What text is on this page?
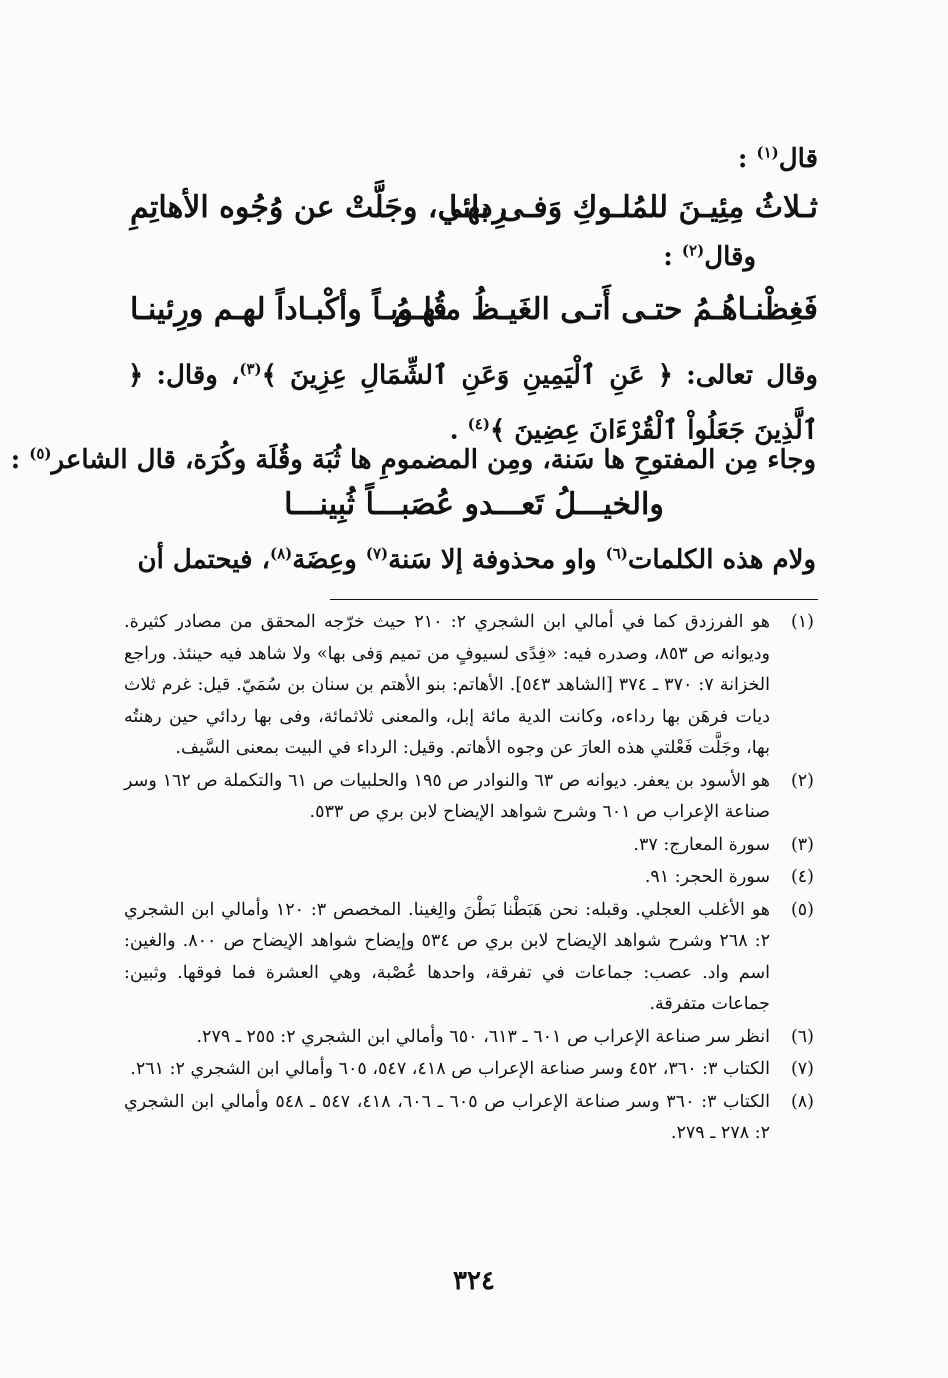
قال$^{(١)}$ :
ثـلاثُ مِئِيـنَ للمُلـوكِ وَفـى بهـا
رِدائي، وجَلَّتْ عن وُجُوه الأهاتِمِ
وقال$^{(٢)}$ :
فَغِظْنـاهُـمُ حتـى أَتـى الغَيـظُ منهـمُ
قُلـوبـاً وأكْبـاداً لهـم ورِئينـا
وقال تعالى: ﴿ عَنِ ٱلْيَمِينِ وَعَنِ ٱلشِّمَالِ عِزِينَ ﴾$^{(٣)}$، وقال: ﴿ ٱلَّذِينَ جَعَلُواْ ٱلْقُرْءَانَ عِضِينَ ﴾$^{(٤)}$ .
وجاء مِن المفتوحِ ها سَنة، ومِن المضمومِ ها ثُبَة وقُلَة وكُرَة، قال الشاعر$^{(٥)}$ :
والخيـــلُ تَعـــدو عُصَبـــاً ثُبِينـــا
ولام هذه الكلمات$^{(٦)}$ واو محذوفة إلا سَنة$^{(٧)}$ وعِضَة$^{(٨)}$، فيحتمل أن
(١)
هو الفرزدق كما في أمالي ابن الشجري ٢: ٢١٠ حيث خرّجه المحقق من مصادر كثيرة. وديوانه ص ٨٥٣، وصدره فيه: «فِدًى لسيوفٍ من تميم وَفى بها» ولا شاهد فيه حينئذ. وراجع الخزانة ٧: ٣٧٠ ـ ٣٧٤ [الشاهد ٥٤٣]. الأهاتم: بنو الأهتم بن سنان بن سُمَيّ. قيل: غرم ثلاث ديات فرهَن بها رداءه، وكانت الدية مائة إبل، والمعنى ثلاثمائة، وفى بها ردائي حين رهنتُه بها، وجَلَّت فَعْلتي هذه العارَ عن وجوه الأهاتم. وقيل: الرداء في البيت بمعنى السَّيف.
(٢)
هو الأسود بن يعفر. ديوانه ص ٦٣ والنوادر ص ١٩٥ والحلبيات ص ٦١ والتكملة ص ١٦٢ وسر صناعة الإعراب ص ٦٠١ وشرح شواهد الإيضاح لابن بري ص ٥٣٣.
(٣)
سورة المعارج: ٣٧.
(٤)
سورة الحجر: ٩١.
(٥)
هو الأغلب العجلي. وقبله: نحن هَبَطْنا بَطْنَ والِغينا. المخصص ٣: ١٢٠ وأمالي ابن الشجري ٢: ٢٦٨ وشرح شواهد الإيضاح لابن بري ص ٥٣٤ وإيضاح شواهد الإيضاح ص ٨٠٠. والغين: اسم واد. عصب: جماعات في تفرقة، واحدها عُصْبة، وهي العشرة فما فوقها. وثبين: جماعات متفرقة.
(٦)
انظر سر صناعة الإعراب ص ٦٠١ ـ ٦١٣، ٦٥٠ وأمالي ابن الشجري ٢: ٢٥٥ ـ ٢٧٩.
(٧)
الكتاب ٣: ٣٦٠، ٤٥٢ وسر صناعة الإعراب ص ٤١٨، ٥٤٧، ٦٠٥ وأمالي ابن الشجري ٢: ٢٦١.
(٨)
الكتاب ٣: ٣٦٠ وسر صناعة الإعراب ص ٦٠٥ ـ ٦٠٦، ٤١٨، ٥٤٧ ـ ٥٤٨ وأمالي ابن الشجري ٢: ٢٧٨ ـ ٢٧٩.
٣٢٤
